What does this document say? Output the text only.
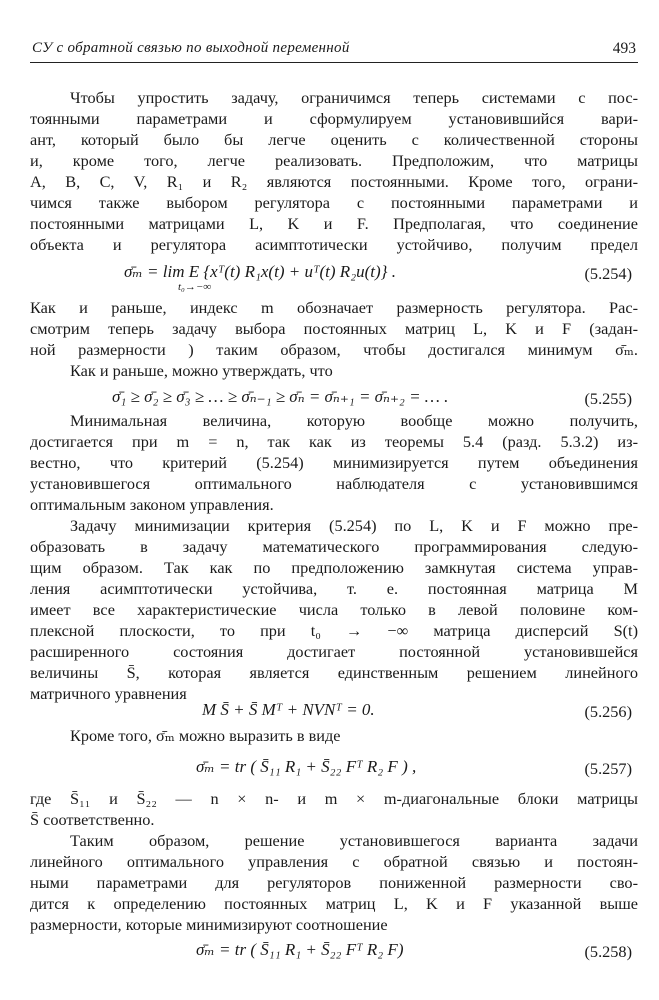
СУ с обратной связью по выходной переменной	493
Чтобы упростить задачу, ограничимся теперь системами с пос-
тоянными параметрами и сформулируем установившийся вари-
ант, который было бы легче оценить с количественной стороны
и, кроме того, легче реализовать. Предположим, что матрицы
A, B, C, V, R₁ и R₂ являются постоянными. Кроме того, ограни-
чимся также выбором регулятора с постоянными параметрами и
постоянными матрицами L, K и F. Предполагая, что соединение
объекта и регулятора асимптотически устойчиво, получим предел
σ̄ₘ = lim E {xᵀ(t) R₁x(t) + uᵀ(t) R₂u(t)} .
t₀→−∞
(5.254)
Как и раньше, индекс m обозначает размерность регулятора. Рас-
смотрим теперь задачу выбора постоянных матриц L, K и F (задан-
ной размерности ) таким образом, чтобы достигался минимум σ̄ₘ.
Как и раньше, можно утверждать, что
σ̄₁ ≥ σ̄₂ ≥ σ̄₃ ≥ … ≥ σ̄ₙ₋₁ ≥ σ̄ₙ = σ̄ₙ₊₁ = σ̄ₙ₊₂ = … .	(5.255)
Минимальная величина, которую вообще можно получить,
достигается при m = n, так как из теоремы 5.4 (разд. 5.3.2) из-
вестно, что критерий (5.254) минимизируется путем объединения
установившегося оптимального наблюдателя с установившимся
оптимальным законом управления.
Задачу минимизации критерия (5.254) по L, K и F можно пре-
образовать в задачу математического программирования следую-
щим образом. Так как по предположению замкнутая система управ-
ления асимптотически устойчива, т. е. постоянная матрица M
имеет все характеристические числа только в левой половине ком-
плексной плоскости, то при t₀ → −∞ матрица дисперсий S(t)
расширенного состояния достигает постоянной установившейся
величины S̄, которая является единственным решением линейного
матричного уравнения
M S̄ + S̄ Mᵀ + NVNᵀ = 0.	(5.256)
Кроме того, σ̄ₘ можно выразить в виде
σ̄ₘ = tr ( S̄₁₁ R₁ + S̄₂₂ Fᵀ R₂ F ) ,	(5.257)
где S̄₁₁ и S̄₂₂ — n × n- и m × m-диагональные блоки матрицы
S̄ соответственно.
Таким образом, решение установившегося варианта задачи
линейного оптимального управления с обратной связью и постоян-
ными параметрами для регуляторов пониженной размерности сво-
дится к определению постоянных матриц L, K и F указанной выше
размерности, которые минимизируют соотношение
σ̄ₘ = tr ( S̄₁₁ R₁ + S̄₂₂ Fᵀ R₂ F)	(5.258)
